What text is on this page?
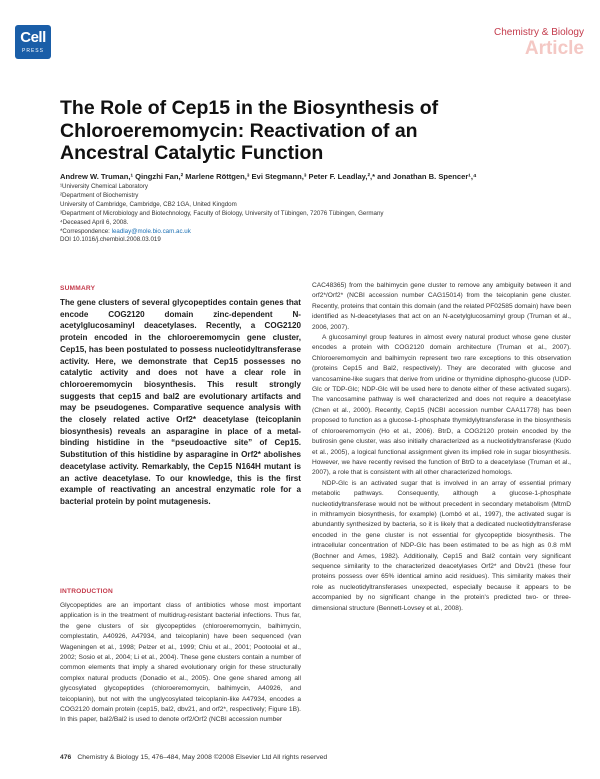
Cell
PRESS
Chemistry & Biology
Article
The Role of Cep15 in the Biosynthesis of Chloroeremomycin: Reactivation of an Ancestral Catalytic Function
Andrew W. Truman,¹ Qingzhi Fan,² Marlene Röttgen,³ Evi Stegmann,³ Peter F. Leadlay,²,* and Jonathan B. Spencer¹,⁴
¹University Chemical Laboratory
²Department of Biochemistry
University of Cambridge, Cambridge, CB2 1GA, United Kingdom
³Department of Microbiology and Biotechnology, Faculty of Biology, University of Tübingen, 72076 Tübingen, Germany
⁴Deceased April 6, 2008.
*Correspondence: leadlay@mole.bio.cam.ac.uk
DOI 10.1016/j.chembiol.2008.03.019
SUMMARY

The gene clusters of several glycopeptides contain genes that encode COG2120 domain zinc-dependent N-acetylglucosaminyl deacetylases. Recently, a COG2120 protein encoded in the chloroeremomycin gene cluster, Cep15, has been postulated to possess nucleotidyltransferase activity. Here, we demonstrate that Cep15 possesses no catalytic activity and does not have a clear role in chloroeremomycin biosynthesis. This result strongly suggests that cep15 and bal2 are evolutionary artifacts and may be pseudogenes. Comparative sequence analysis with the closely related active Orf2* deacetylase (teicoplanin biosynthesis) reveals an asparagine in place of a metal-binding histidine in the “pseudoactive site” of Cep15. Substitution of this histidine by asparagine in Orf2* abolishes deacetylase activity. Remarkably, the Cep15 N164H mutant is an active deacetylase. To our knowledge, this is the first example of reactivating an ancestral enzymatic role for a bacterial protein by point mutagenesis.

INTRODUCTION

Glycopeptides are an important class of antibiotics whose most important application is in the treatment of multidrug-resistant bacterial infections. Thus far, the gene clusters of six glycopeptides (chloroeremomycin, balhimycin, complestatin, A40926, A47934, and teicoplanin) have been sequenced (van Wageningen et al., 1998; Pelzer et al., 1999; Chiu et al., 2001; Pootoolal et al., 2002; Sosio et al., 2004; Li et al., 2004). These gene clusters contain a number of common elements that imply a shared evolutionary origin for these structurally complex natural products (Donadio et al., 2005). One gene shared among all glycosylated glycopeptides (chloroeremomycin, balhimycin, A40926, and teicoplanin), but not with the unglycosylated teicoplanin-like A47934, encodes a COG2120 domain protein (cep15, bal2, dbv21, and orf2*, respectively; Figure 1B). In this paper, bal2/Bal2 is used to denote orf2/Orf2 (NCBI accession number

CAC48365) from the balhimycin gene cluster to remove any ambiguity between it and orf2*/Orf2* (NCBI accession number CAG15014) from the teicoplanin gene cluster. Recently, proteins that contain this domain (and the related PF02585 domain) have been identified as N-deacetylases that act on an N-acetylglucosaminyl group (Truman et al., 2006, 2007).

A glucosaminyl group features in almost every natural product whose gene cluster encodes a protein with COG2120 domain architecture (Truman et al., 2007). Chloroeremomycin and balhimycin represent two rare exceptions to this observation (proteins Cep15 and Bal2, respectively). They are decorated with glucose and vancosamine-like sugars that derive from uridine or thymidine diphospho-glucose (UDP-Glc or TDP-Glc; NDP-Glc will be used here to denote either of these activated sugars). The vancosamine pathway is well characterized and does not require a deacetylase (Chen et al., 2000). Recently, Cep15 (NCBI accession number CAA11778) has been proposed to function as a glucose-1-phosphate thymidylyltransferase in the biosynthesis of chloroeremomycin (Ho et al., 2006). BtrD, a COG2120 protein encoded by the butirosin gene cluster, was also initially characterized as a nucleotidyltransferase (Kudo et al., 2005), a logical functional assignment given its implied role in sugar biosynthesis. However, we have recently revised the function of BtrD to a deacetylase (Truman et al., 2007), a role that is consistent with all other characterized homologs.

NDP-Glc is an activated sugar that is involved in an array of essential primary metabolic pathways. Consequently, although a glucose-1-phosphate nucleotidyltransferase would not be without precedent in secondary metabolism (MtmD in mithramycin biosynthesis, for example) (Lombó et al., 1997), the activated sugar is abundantly synthesized by bacteria, so it is likely that a dedicated nucleotidyltransferase encoded in the gene cluster is not essential for glycopeptide biosynthesis. The intracellular concentration of NDP-Glc has been estimated to be as high as 0.8 mM (Bochner and Ames, 1982). Additionally, Cep15 and Bal2 contain very significant sequence similarity to the characterized deacetylases Orf2* and Dbv21 (these four proteins possess over 65% identical amino acid residues). This similarity makes their role as nucleotidyltransferases unexpected, especially because it appears to be accompanied by no significant change in the protein's predicted two- or three- dimensional structure (Bennett-Lovsey et al., 2008).

476 Chemistry & Biology 15, 476–484, May 2008 ©2008 Elsevier Ltd All rights reserved
